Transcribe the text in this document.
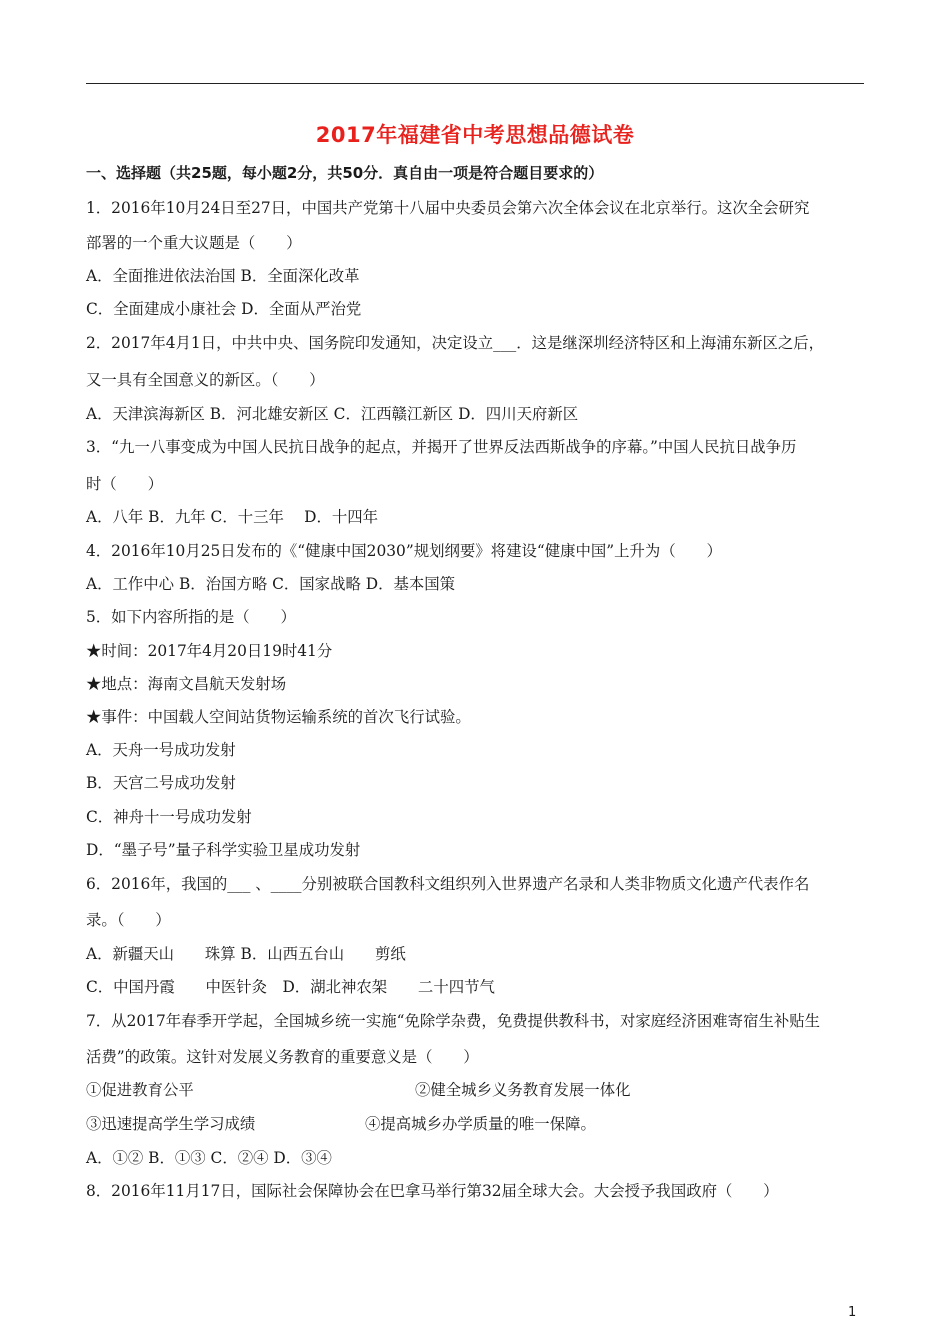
2017年福建省中考思想品德试卷
一、选择题（共25题，每小题2分，共50分．真自由一项是符合题目要求的）
1．2016年10月24日至27日，中国共产党第十八届中央委员会第六次全体会议在北京举行。这次全会研究
部署的一个重大议题是（　　）
A．全面推进依法治国 B．全面深化改革
C．全面建成小康社会 D．全面从严治党
2．2017年4月1日，中共中央、国务院印发通知，决定设立___．这是继深圳经济特区和上海浦东新区之后，
又一具有全国意义的新区。（　　）
A．天津滨海新区 B．河北雄安新区 C．江西赣江新区 D．四川天府新区
3．“九一八事变成为中国人民抗日战争的起点，并揭开了世界反法西斯战争的序幕。”中国人民抗日战争历
时（　　）
A．八年 B．九年 C．十三年　 D．十四年
4．2016年10月25日发布的《“健康中国2030”规划纲要》将建设“健康中国”上升为（　　）
A．工作中心 B．治国方略 C．国家战略 D．基本国策
5．如下内容所指的是（　　）
★时间：2017年4月20日19时41分
★地点：海南文昌航天发射场
★事件：中国载人空间站货物运输系统的首次飞行试验。
A．天舟一号成功发射
B．天宫二号成功发射
C．神舟十一号成功发射
D．“墨子号”量子科学实验卫星成功发射
6．2016年，我国的___ 、____分别被联合国教科文组织列入世界遗产名录和人类非物质文化遗产代表作名
录。（　　）
A．新疆天山　　珠算 B．山西五台山　　剪纸
C．中国丹霞　　中医针灸　D．湖北神农架　　二十四节气
7．从2017年春季开学起，全国城乡统一实施“免除学杂费，免费提供教科书，对家庭经济困难寄宿生补贴生
活费”的政策。这针对发展义务教育的重要意义是（　　）
①促进教育公平	②健全城乡义务教育发展一体化
③迅速提高学生学习成绩	④提高城乡办学质量的唯一保障。
A．①② B．①③ C．②④ D．③④
8．2016年11月17日，国际社会保障协会在巴拿马举行第32届全球大会。大会授予我国政府（　　）
1
